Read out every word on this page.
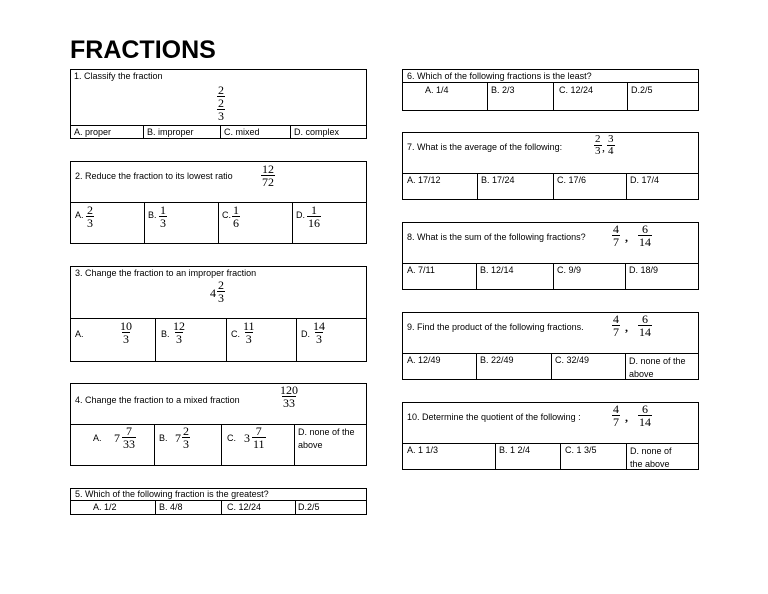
FRACTIONS
1. Classify the fraction
2
2
3
A. proper	B. improper	C. mixed	D. complex
2. Reduce the fraction to its lowest ratio $\frac{12}{72}$
A. $\frac{2}{3}$	B. $\frac{1}{3}$	C. $\frac{1}{6}$	D. $\frac{1}{16}$
3. Change the fraction to an improper fraction
$4 \frac{2}{3}$
A.	$\frac{10}{3}$	B. $\frac{12}{3}$	C. $\frac{11}{3}$	D. $\frac{14}{3}$
4. Change the fraction to a mixed fraction	$\frac{120}{33}$
A. $7 \frac{7}{33}$	B. $7 \frac{2}{3}$	C. $3 \frac{7}{11}$	D. none of the
above
5. Which of the following fraction is the greatest?
A. 1/2	B. 4/8	C. 12/24	D.2/5
6. Which of the following fractions is the least?
A. 1/4	B. 2/3	C. 12/24	D.2/5
7. What is the average of the following:	$\frac{2}{3}$ , $\frac{3}{4}$
A. 17/12	B. 17/24	C. 17/6	D. 17/4
8. What is the sum of the following fractions? $\frac{4}{7}$ , $\frac{6}{14}$
A. 7/11	B. 12/14	C. 9/9	D. 18/9
9. Find the product of the following fractions. $\frac{4}{7}$ , $\frac{6}{14}$
A. 12/49	B. 22/49	C. 32/49	D. none of the
above
10. Determine the quotient of the following :	$\frac{4}{7}$ , $\frac{6}{14}$
A. 1 1/3	B. 1 2/4	C. 1 3/5	D. none of
the above
